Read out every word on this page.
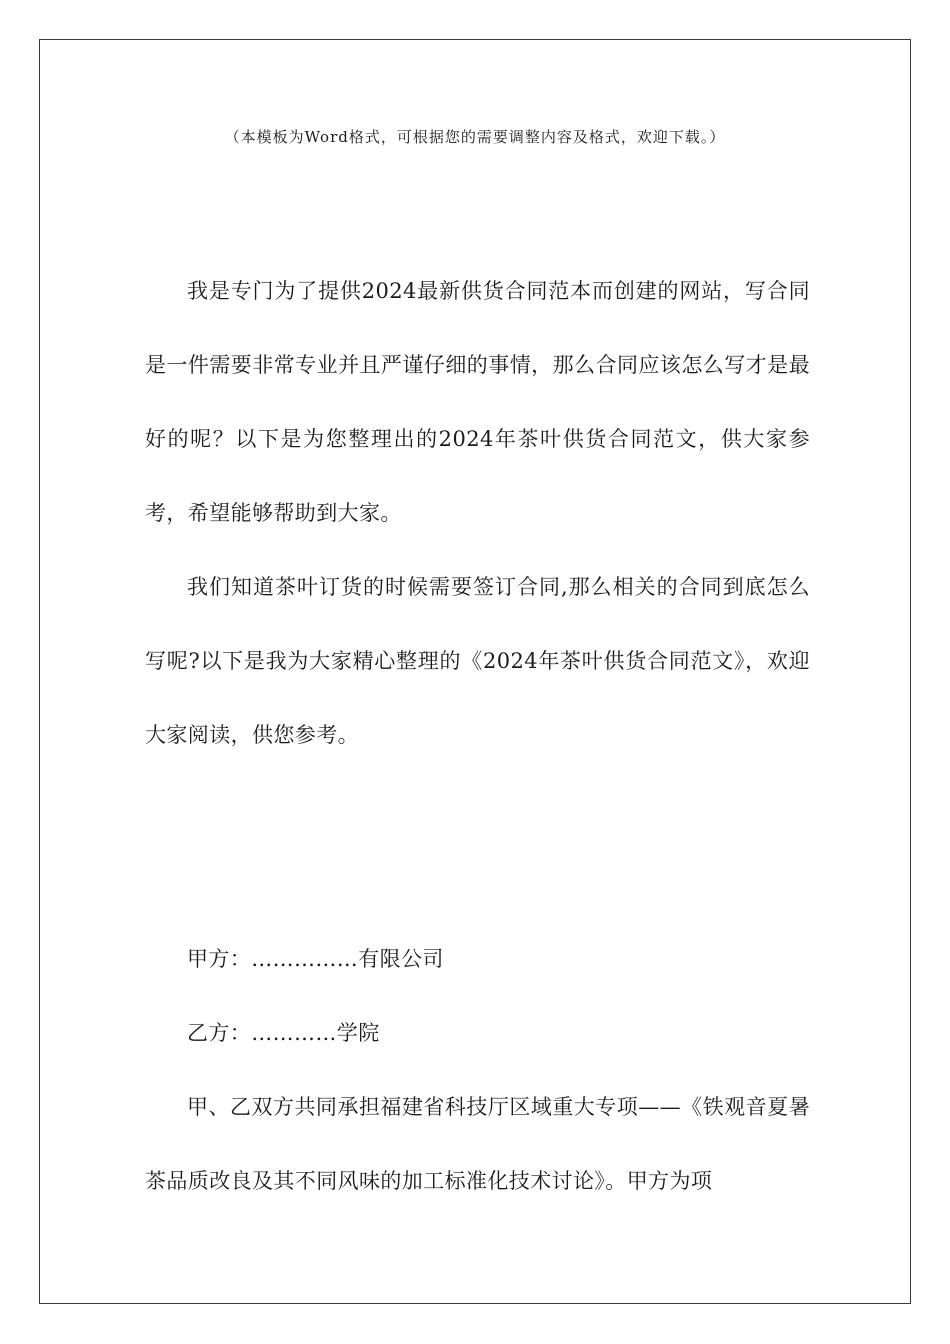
（本模板为Word格式，可根据您的需要调整内容及格式，欢迎下载。）

我是专门为了提供2024最新供货合同范本而创建的网站，写合同是一件需要非常专业并且严谨仔细的事情，那么合同应该怎么写才是最好的呢？以下是为您整理出的2024年茶叶供货合同范文，供大家参考，希望能够帮助到大家。

我们知道茶叶订货的时候需要签订合同,那么相关的合同到底怎么写呢?以下是我为大家精心整理的《2024年茶叶供货合同范文》，欢迎大家阅读，供您参考。

甲方：……………有限公司

乙方：…………学院

甲、乙双方共同承担福建省科技厅区域重大专项——《铁观音夏暑茶品质改良及其不同风味的加工标准化技术讨论》。甲方为项
